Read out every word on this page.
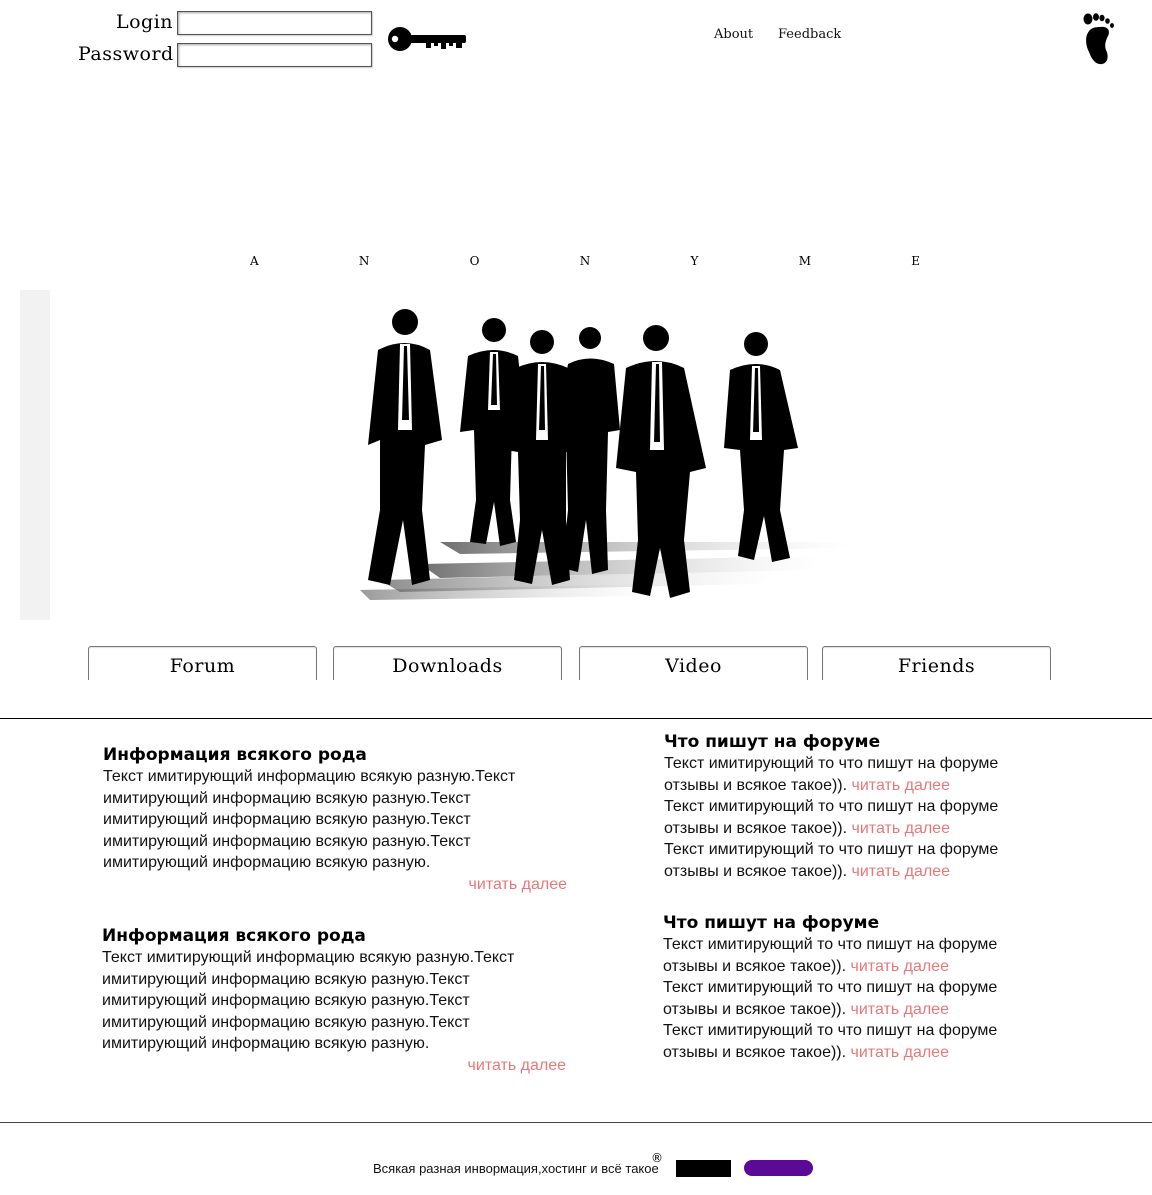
Login
Password
About Feedback
A	N	O	N	Y	M	E
Forum	Downloads	Video	Friends
Информация всякого рода

Текст имитирующий информацию всякую разную.Текст имитирующий информацию всякую разную.Текст имитирующий информацию всякую разную.Текст имитирующий информацию всякую разную.Текст имитирующий информацию всякую разную.

читать далее
Информация всякого рода

Текст имитирующий информацию всякую разную.Текст имитирующий информацию всякую разную.Текст имитирующий информацию всякую разную.Текст имитирующий информацию всякую разную.Текст имитирующий информацию всякую разную.

читать далее
Что пишут на форуме

Текст имитирующий то что пишут на форуме отзывы и всякое такое)). читать далее

Текст имитирующий то что пишут на форуме отзывы и всякое такое)). читать далее

Текст имитирующий то что пишут на форуме отзывы и всякое такое)). читать далее

Что пишут на форуме

Текст имитирующий то что пишут на форуме отзывы и всякое такое)). читать далее

Текст имитирующий то что пишут на форуме отзывы и всякое такое)). читать далее

Текст имитирующий то что пишут на форуме отзывы и всякое такое)). читать далее

Всякая разная инвормация,хостинг и всё такое
®
